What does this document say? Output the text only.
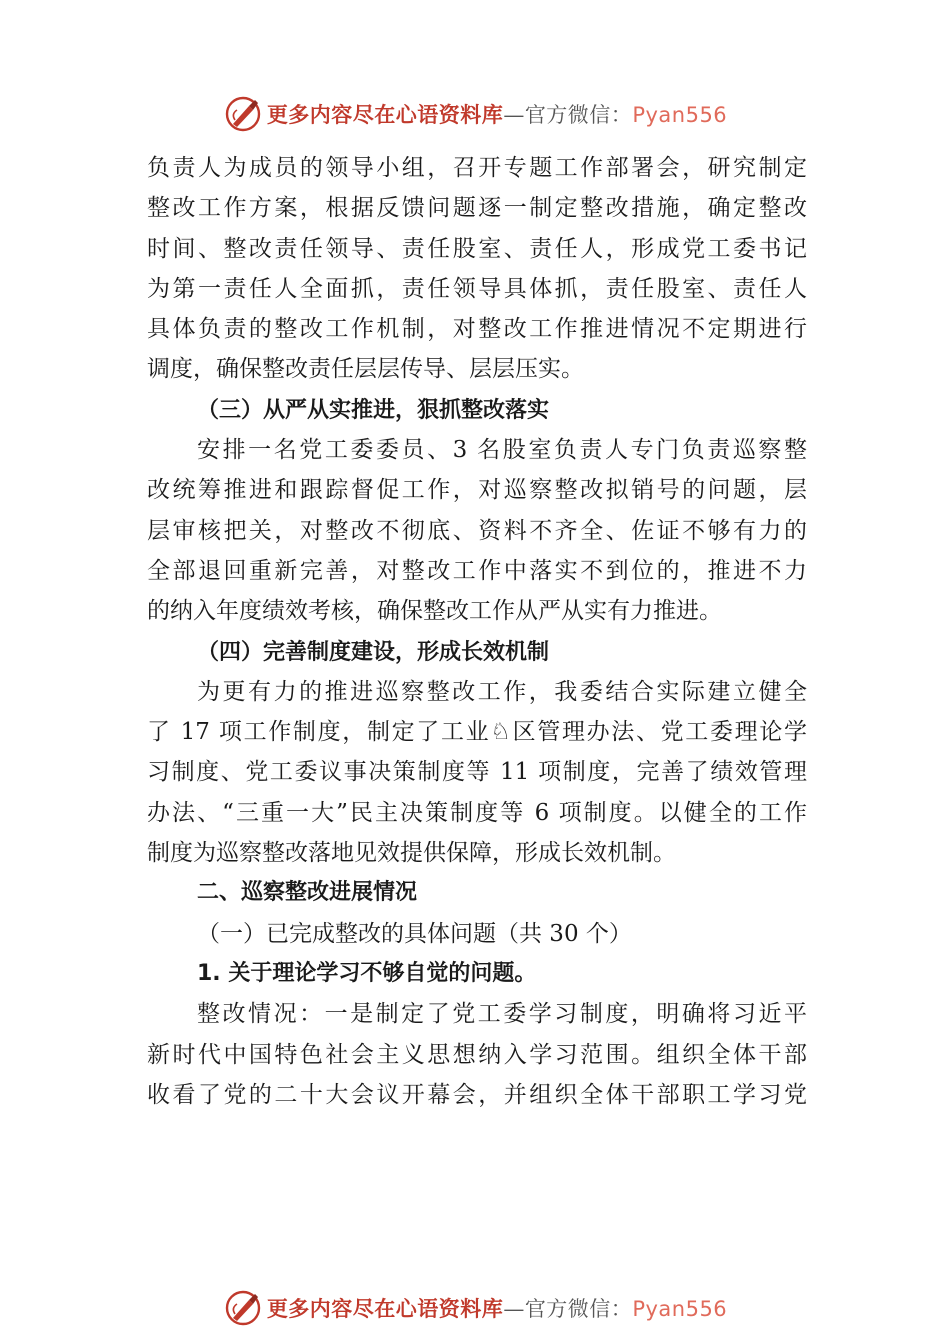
更多内容尽在心语资料库—官方微信：Pyan556
负责人为成员的领导小组，召开专题工作部署会，研究制定
整改工作方案，根据反馈问题逐一制定整改措施，确定整改
时间、整改责任领导、责任股室、责任人，形成党工委书记
为第一责任人全面抓，责任领导具体抓，责任股室、责任人
具体负责的整改工作机制，对整改工作推进情况不定期进行
调度，确保整改责任层层传导、层层压实。
（三）从严从实推进，狠抓整改落实
安排一名党工委委员、3 名股室负责人专门负责巡察整
改统筹推进和跟踪督促工作，对巡察整改拟销号的问题，层
层审核把关，对整改不彻底、资料不齐全、佐证不够有力的
全部退回重新完善，对整改工作中落实不到位的，推进不力
的纳入年度绩效考核，确保整改工作从严从实有力推进。
（四）完善制度建设，形成长效机制
为更有力的推进巡察整改工作，我委结合实际建立健全
了 17 项工作制度，制定了工业♘区管理办法、党工委理论学
习制度、党工委议事决策制度等 11 项制度，完善了绩效管理
办法、“三重一大”民主决策制度等 6 项制度。以健全的工作
制度为巡察整改落地见效提供保障，形成长效机制。
二、巡察整改进展情况
（一）已完成整改的具体问题（共 30 个）
1. 关于理论学习不够自觉的问题。
整改情况：一是制定了党工委学习制度，明确将习近平
新时代中国特色社会主义思想纳入学习范围。组织全体干部
收看了党的二十大会议开幕会，并组织全体干部职工学习党
更多内容尽在心语资料库—官方微信：Pyan556
